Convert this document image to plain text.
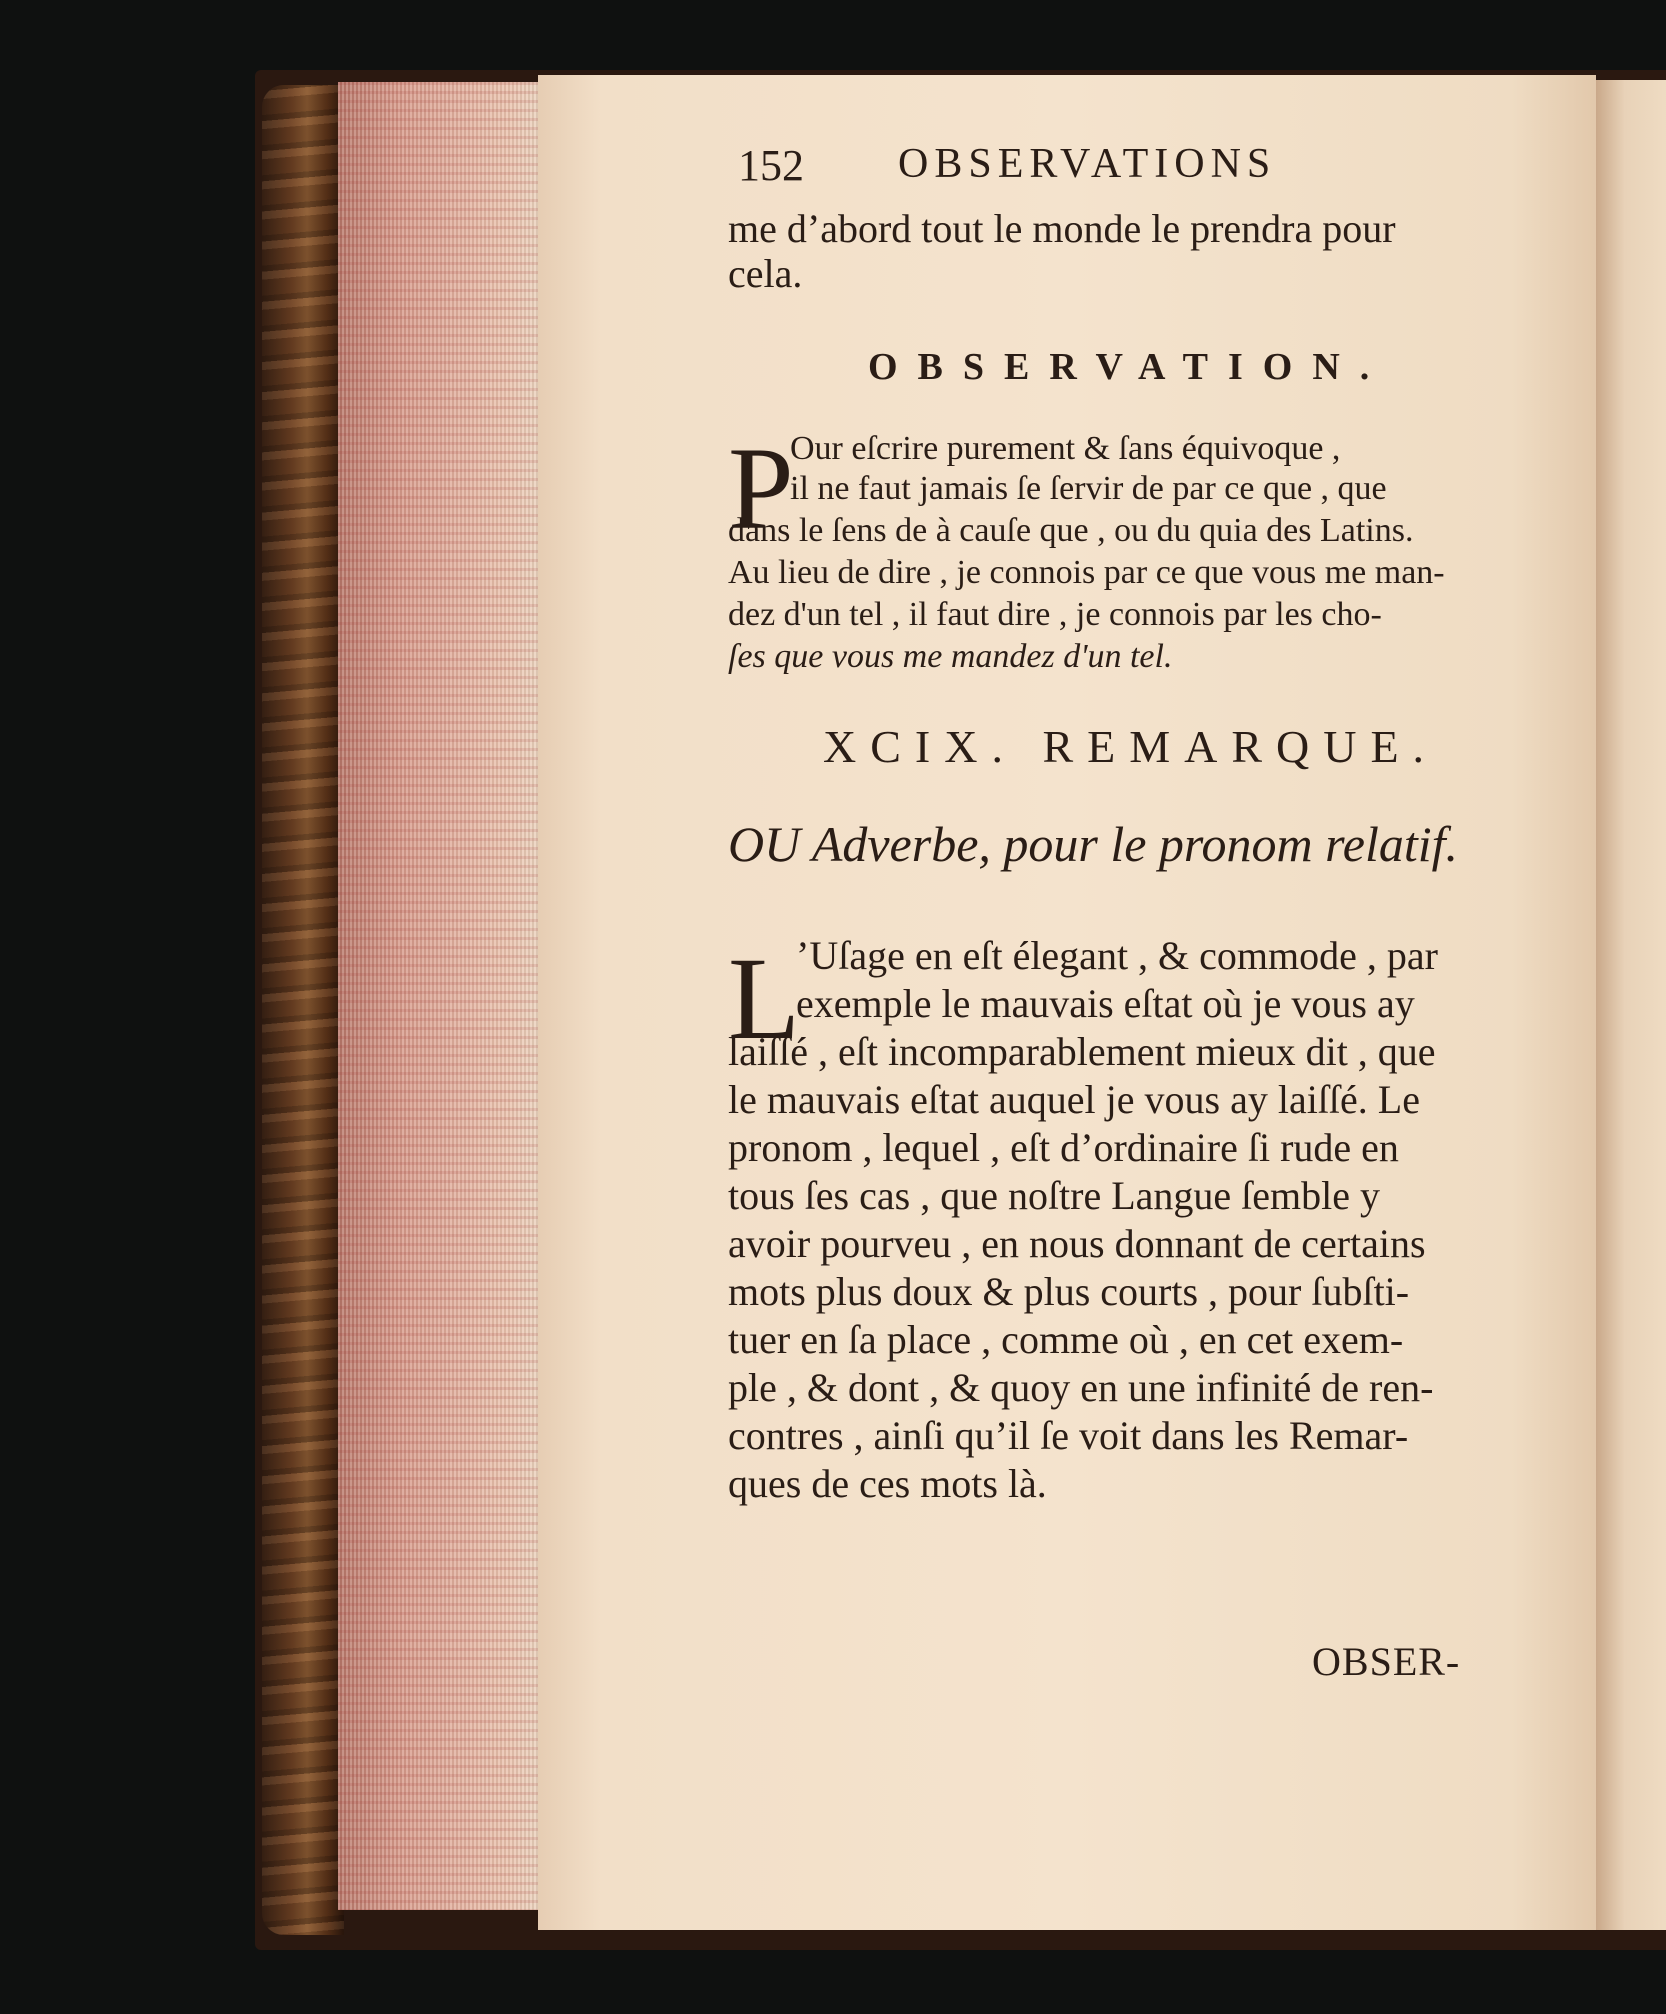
152 OBSERVATIONS
me d’abord tout le monde le prendra pour
cela.
OBSERVATION.
P
Our eſcrire purement & ſans équivoque ,
il ne faut jamais ſe ſervir de par ce que , que
dans le ſens de à cauſe que , ou du quia des Latins.
Au lieu de dire , je connois par ce que vous me man-
dez d'un tel , il faut dire , je connois par les cho-
ſes que vous me mandez d'un tel.
XCIX. REMARQUE.
OU Adverbe, pour le pronom relatif.
L
’Uſage en eſt élegant , & commode , par
exemple le mauvais eſtat où je vous ay
laiſſé , eſt incomparablement mieux dit , que
le mauvais eſtat auquel je vous ay laiſſé. Le
pronom , lequel , eſt d’ordinaire ſi rude en
tous ſes cas , que noſtre Langue ſemble y
avoir pourveu , en nous donnant de certains
mots plus doux & plus courts , pour ſubſti-
tuer en ſa place , comme où , en cet exem-
ple , & dont , & quoy en une infinité de ren-
contres , ainſi qu’il ſe voit dans les Remar-
ques de ces mots là.
OBSER-
